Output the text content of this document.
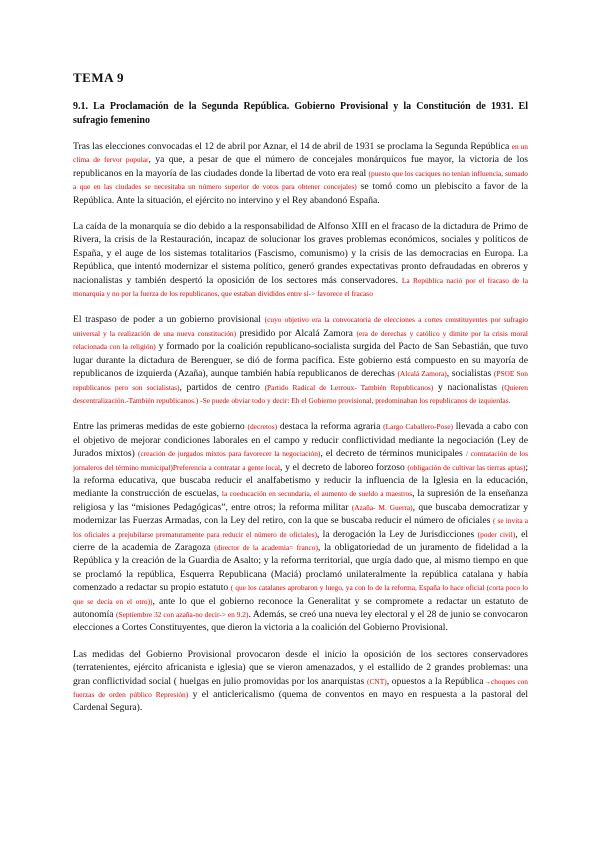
TEMA 9
9.1. La Proclamación de la Segunda República. Gobierno Provisional y la Constitución de 1931. El sufragio femenino

Tras las elecciones convocadas el 12 de abril por Aznar, el 14 de abril de 1931 se proclama la Segunda República en un clima de fervor popular, ya que, a pesar de que el número de concejales monárquicos fue mayor, la victoria de los republicanos en la mayoría de las ciudades donde la libertad de voto era real (puesto que los caciques no tenían influencia, sumado a que en las ciudades se necesitaba un número superior de votos para obtener concejales) se tomó como un plebiscito a favor de la República. Ante la situación, el ejército no intervino y el Rey abandonó España.

La caída de la monarquía se dio debido a la responsabilidad de Alfonso XIII en el fracaso de la dictadura de Primo de Rivera, la crisis de la Restauración, incapaz de solucionar los graves problemas económicos, sociales y políticos de España, y el auge de los sistemas totalitarios (Fascismo, comunismo) y la crisis de las democracias en Europa. La República, que intentó modernizar el sistema político, generó grandes expectativas pronto defraudadas en obreros y nacionalistas y también despertó la oposición de los sectores más conservadores. La República nació por el fracaso de la monarquía y no por la fuerza de los republicanos, que estaban divididos entre sí-> favorece el fracaso

El traspaso de poder a un gobierno provisional (cuyo objetivo era la convocatoria de elecciones a cortes constituyentes por sufragio universal y la realización de una nueva constitución) presidido por Alcalá Zamora (era de derechas y católico y dimite por la crisis moral relacionada con la religión) y formado por la coalición republicano-socialista surgida del Pacto de San Sebastián, que tuvo lugar durante la dictadura de Berenguer, se dió de forma pacífica. Este gobierno está compuesto en su mayoría de republicanos de izquierda (Azaña), aunque también había republicanos de derechas (Alcalá Zamora), socialistas (PSOE Son republicanos pero son socialistas), partidos de centro (Partido Radical de Lerroux- También Republicanos) y nacionalistas (Quieren descentralización.-También republicanos.) -Se puede obviar todo y decir: Eh el Gobierno provisional, predominaban los republicanos de izquierdas.

Entre las primeras medidas de este gobierno (decretos) destaca la reforma agraria (Largo Caballero-Pose) llevada a cabo con el objetivo de mejorar condiciones laborales en el campo y reducir conflictividad mediante la negociación (Ley de Jurados mixtos) (creación de jurgados mixtos para favorecer la negociación), el decreto de términos municipales / contratación de los jornaleros del término municipal)Preferencia a contratar a gente local, y el decreto de laboreo forzoso (obligación de cultivar las tierras aptas); la reforma educativa, que buscaba reducir el analfabetismo y reducir la influencia de la Iglesia en la educación, mediante la construcción de escuelas, la coeducación en secundaria, el aumento de sueldo a maestros, la supresión de la enseñanza religiosa y las “misiones Pedagógicas”, entre otros; la reforma militar (Azaña- M. Guerra), que buscaba democratizar y modernizar las Fuerzas Armadas, con la Ley del retiro, con la que se buscaba reducir el número de oficiales ( se invita a los oficiales a prejubilarse prematuramente para reducir el número de oficiales), la derogación la Ley de Jurisdicciones (poder civil), el cierre de la academia de Zaragoza (director de la academia= franco), la obligatoriedad de un juramento de fidelidad a la República y la creación de la Guardia de Asalto; y la reforma territorial, que urgía dado que, al mismo tiempo en que se proclamó la república, Esquerra Republicana (Maciá) proclamó unilateralmente la república catalana y había comenzado a redactar su propio estatuto ( que los catalanes aprobaron y luego, ya con lo de la reforma, España lo hace oficial (corta poco lo que se decía en el otro)), ante lo que el gobierno reconoce la Generalitat y se compromete a redactar un estatuto de autonomía (Septiembre 32 con azaña-no decir-> en 9.2). Además, se creó una nueva ley electoral y el 28 de junio se convocaron elecciones a Cortes Constituyentes, que dieron la victoria a la coalición del Gobierno Provisional.

Las medidas del Gobierno Provisional provocaron desde el inicio la oposición de los sectores conservadores (terratenientes, ejército africanista e iglesia) que se vieron amenazados, y el estallido de 2 grandes problemas: una gran conflictividad social ( huelgas en julio promovidas por los anarquistas (CNT), opuestos a la República→choques con fuerzas de orden público Represión) y el anticlericalismo (quema de conventos en mayo en respuesta a la pastoral del Cardenal Segura).
